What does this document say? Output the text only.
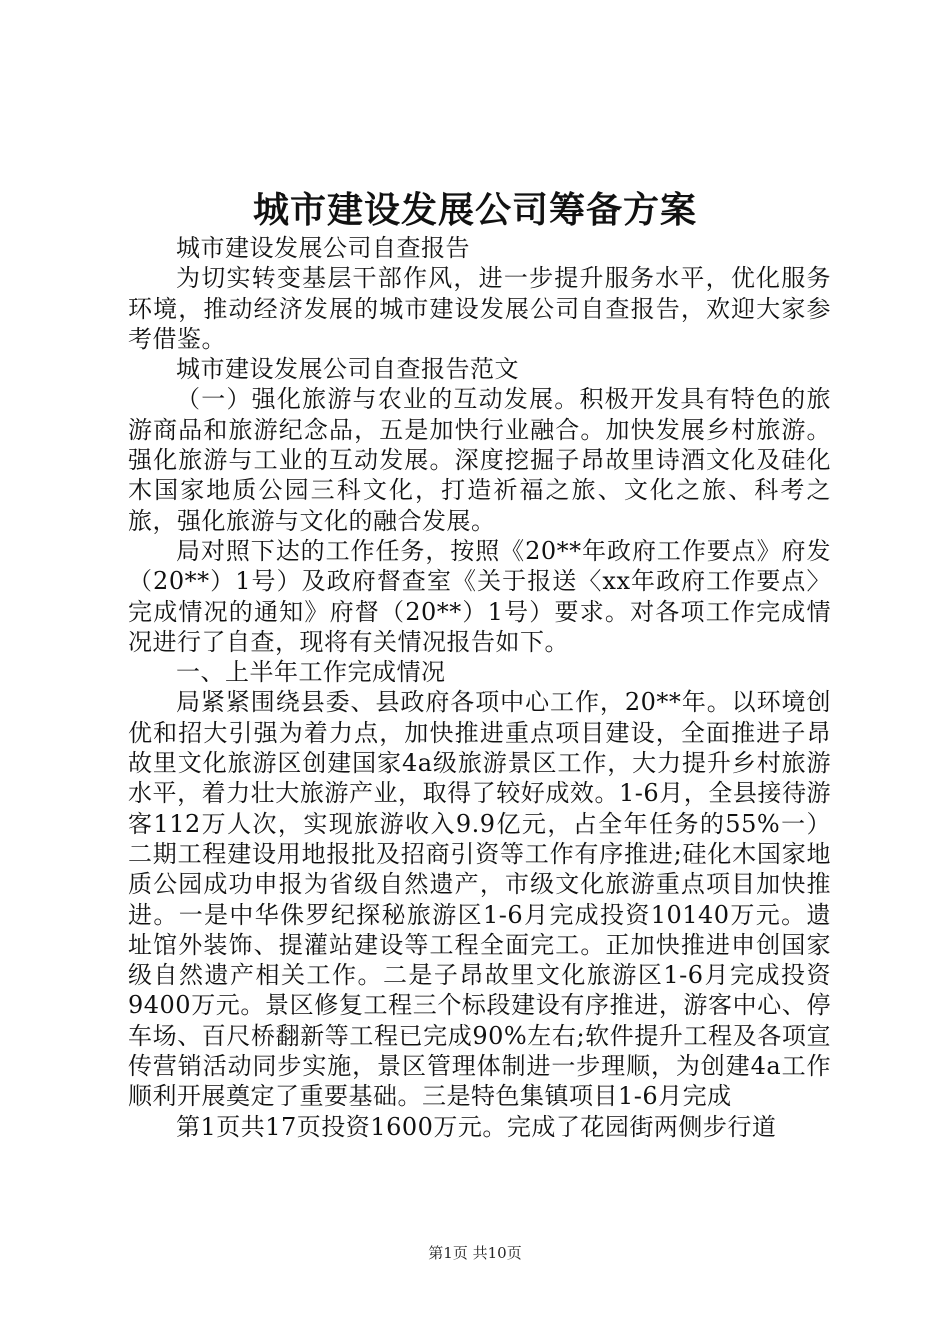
城市建设发展公司筹备方案

城市建设发展公司自查报告

为切实转变基层干部作风，进一步提升服务水平，优化服务环境，推动经济发展的城市建设发展公司自查报告，欢迎大家参考借鉴。

城市建设发展公司自查报告范文

（一）强化旅游与农业的互动发展。积极开发具有特色的旅游商品和旅游纪念品，五是加快行业融合。加快发展乡村旅游。强化旅游与工业的互动发展。深度挖掘子昂故里诗酒文化及硅化木国家地质公园三科文化，打造祈福之旅、文化之旅、科考之旅，强化旅游与文化的融合发展。

局对照下达的工作任务，按照《20**年政府工作要点》府发（20**）1号）及政府督查室《关于报送〈xx年政府工作要点〉完成情况的通知》府督（20**）1号）要求。对各项工作完成情况进行了自查，现将有关情况报告如下。

一、上半年工作完成情况

局紧紧围绕县委、县政府各项中心工作，20**年。以环境创优和招大引强为着力点，加快推进重点项目建设，全面推进子昂故里文化旅游区创建国家4a级旅游景区工作，大力提升乡村旅游水平，着力壮大旅游产业，取得了较好成效。1-6月，全县接待游客112万人次，实现旅游收入9.9亿元，占全年任务的55%一）二期工程建设用地报批及招商引资等工作有序推进;硅化木国家地质公园成功申报为省级自然遗产，市级文化旅游重点项目加快推进。一是中华侏罗纪探秘旅游区1-6月完成投资10140万元。遗址馆外装饰、提灌站建设等工程全面完工。正加快推进申创国家级自然遗产相关工作。二是子昂故里文化旅游区1-6月完成投资9400万元。景区修复工程三个标段建设有序推进，游客中心、停车场、百尺桥翻新等工程已完成90%左右;软件提升工程及各项宣传营销活动同步实施，景区管理体制进一步理顺，为创建4a工作顺利开展奠定了重要基础。三是特色集镇项目1-6月完成

第1页共17页投资1600万元。完成了花园街两侧步行道

第1页 共10页
